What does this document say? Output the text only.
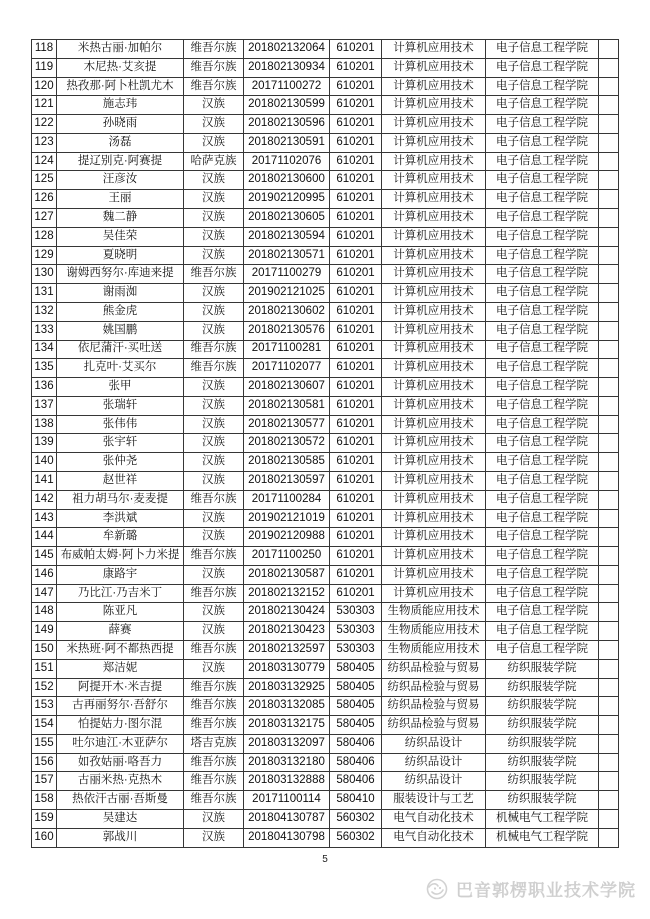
118	米热古丽·加帕尔	维吾尔族	201802132064	610201	计算机应用技术	电子信息工程学院	
119	木尼热·艾亥提	维吾尔族	201802130934	610201	计算机应用技术	电子信息工程学院	
120	热孜那·阿卜杜凯尤木	维吾尔族	20171100272	610201	计算机应用技术	电子信息工程学院	
121	施志玮	汉族	201802130599	610201	计算机应用技术	电子信息工程学院	
122	孙晓雨	汉族	201802130596	610201	计算机应用技术	电子信息工程学院	
123	汤磊	汉族	201802130591	610201	计算机应用技术	电子信息工程学院	
124	提辽别克·阿赛提	哈萨克族	20171102076	610201	计算机应用技术	电子信息工程学院	
125	汪彦汝	汉族	201802130600	610201	计算机应用技术	电子信息工程学院	
126	王丽	汉族	201902120995	610201	计算机应用技术	电子信息工程学院	
127	魏二静	汉族	201802130605	610201	计算机应用技术	电子信息工程学院	
128	吴佳荣	汉族	201802130594	610201	计算机应用技术	电子信息工程学院	
129	夏晓明	汉族	201802130571	610201	计算机应用技术	电子信息工程学院	
130	谢姆西努尔·库迪来提	维吾尔族	20171100279	610201	计算机应用技术	电子信息工程学院	
131	谢雨洳	汉族	201902121025	610201	计算机应用技术	电子信息工程学院	
132	熊金虎	汉族	201802130602	610201	计算机应用技术	电子信息工程学院	
133	姚国鹏	汉族	201802130576	610201	计算机应用技术	电子信息工程学院	
134	依尼蒲汗·买吐送	维吾尔族	20171100281	610201	计算机应用技术	电子信息工程学院	
135	扎克叶·艾买尔	维吾尔族	20171102077	610201	计算机应用技术	电子信息工程学院	
136	张甲	汉族	201802130607	610201	计算机应用技术	电子信息工程学院	
137	张瑞轩	汉族	201802130581	610201	计算机应用技术	电子信息工程学院	
138	张伟伟	汉族	201802130577	610201	计算机应用技术	电子信息工程学院	
139	张宇轩	汉族	201802130572	610201	计算机应用技术	电子信息工程学院	
140	张仲尧	汉族	201802130585	610201	计算机应用技术	电子信息工程学院	
141	赵世祥	汉族	201802130597	610201	计算机应用技术	电子信息工程学院	
142	祖力胡马尔·麦麦提	维吾尔族	20171100284	610201	计算机应用技术	电子信息工程学院	
143	李洪斌	汉族	201902121019	610201	计算机应用技术	电子信息工程学院	
144	牟新璐	汉族	201902120988	610201	计算机应用技术	电子信息工程学院	
145	布威帕太姆·阿卜力米提	维吾尔族	20171100250	610201	计算机应用技术	电子信息工程学院	
146	康路宇	汉族	201802130587	610201	计算机应用技术	电子信息工程学院	
147	乃比江·乃吉米丁	维吾尔族	201802132152	610201	计算机应用技术	电子信息工程学院	
148	陈亚凡	汉族	201802130424	530303	生物质能应用技术	电子信息工程学院	
149	薛赛	汉族	201802130423	530303	生物质能应用技术	电子信息工程学院	
150	米热班·阿不都热西提	维吾尔族	201802132597	530303	生物质能应用技术	电子信息工程学院	
151	郑洁妮	汉族	201803130779	580405	纺织品检验与贸易	纺织服装学院	
152	阿提开木·米吉提	维吾尔族	201803132925	580405	纺织品检验与贸易	纺织服装学院	
153	古再丽努尔·吾舒尔	维吾尔族	201803132085	580405	纺织品检验与贸易	纺织服装学院	
154	怕提姑力·图尔混	维吾尔族	201803132175	580405	纺织品检验与贸易	纺织服装学院	
155	吐尔迪江·木亚萨尔	塔吉克族	201803132097	580406	纺织品设计	纺织服装学院	
156	如孜姑丽·咯吾力	维吾尔族	201803132180	580406	纺织品设计	纺织服装学院	
157	古丽米热·克热木	维吾尔族	201803132888	580406	纺织品设计	纺织服装学院	
158	热依汗古丽·吾斯曼	维吾尔族	20171100114	580410	服装设计与工艺	纺织服装学院	
159	吴建达	汉族	201804130787	560302	电气自动化技术	机械电气工程学院	
160	郭战川	汉族	201804130798	560302	电气自动化技术	机械电气工程学院	
5
巴音郭楞职业技术学院
